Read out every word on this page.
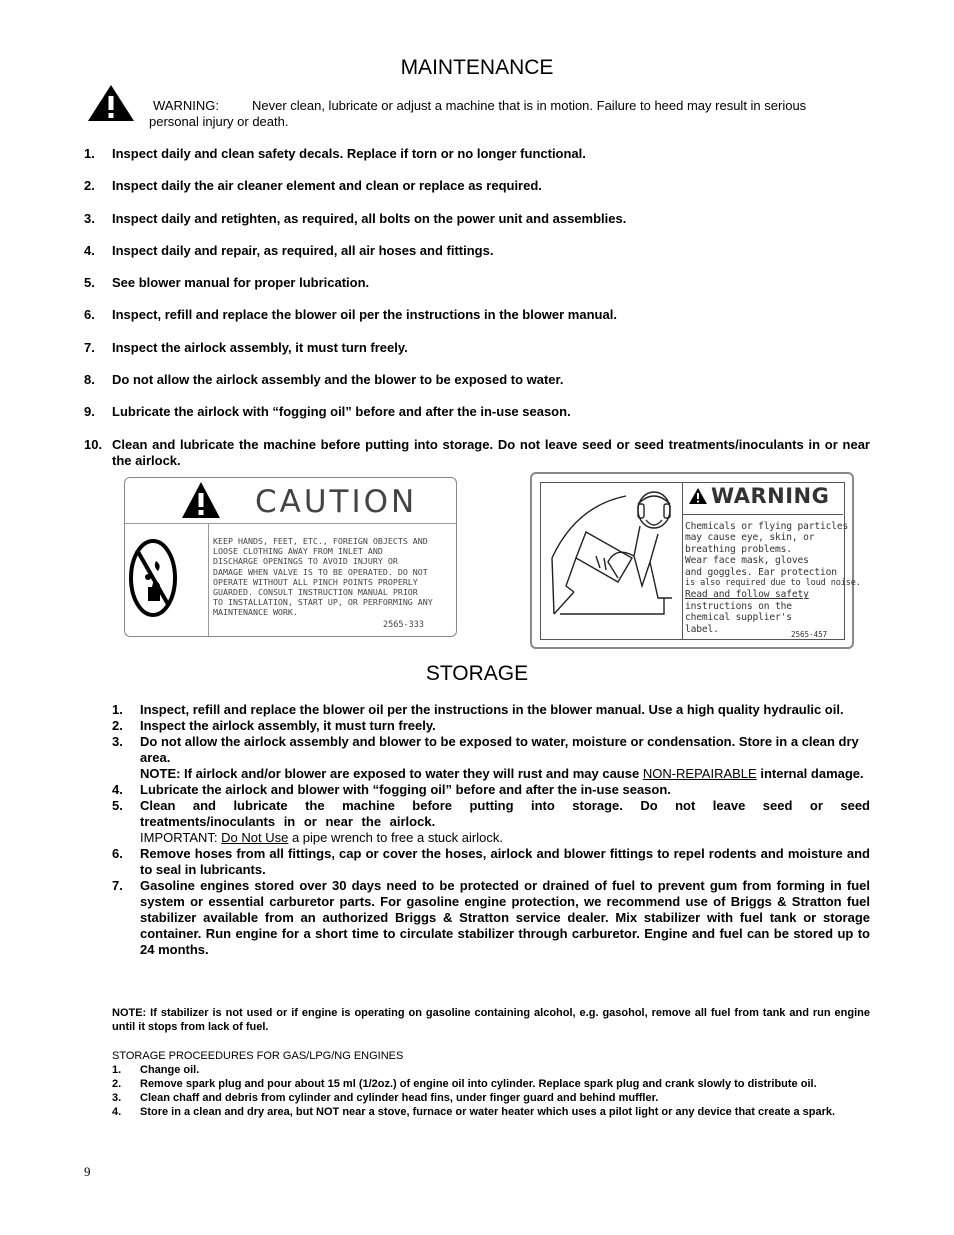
MAINTENANCE
WARNING:	Never clean, lubricate or adjust a machine that is in motion. Failure to heed may result in serious
personal injury or death.
1. Inspect daily and clean safety decals. Replace if torn or no longer functional.
2. Inspect daily the air cleaner element and clean or replace as required.
3. Inspect daily and retighten, as required, all bolts on the power unit and assemblies.
4. Inspect daily and repair, as required, all air hoses and fittings.
5. See blower manual for proper lubrication.
6. Inspect, refill and replace the blower oil per the instructions in the blower manual.
7. Inspect the airlock assembly, it must turn freely.
8. Do not allow the airlock assembly and the blower to be exposed to water.
9. Lubricate the airlock with “fogging oil” before and after the in-use season.
10. Clean and lubricate the machine before putting into storage. Do not leave seed or seed treatments/inoculants in or near the airlock.
CAUTION
KEEP HANDS, FEET, ETC., FOREIGN OBJECTS AND
LOOSE CLOTHING AWAY FROM INLET AND
DISCHARGE OPENINGS TO AVOID INJURY OR
DAMAGE WHEN VALVE IS TO BE OPERATED. DO NOT
OPERATE WITHOUT ALL PINCH POINTS PROPERLY
GUARDED. CONSULT INSTRUCTION MANUAL PRIOR
TO INSTALLATION, START UP, OR PERFORMING ANY
MAINTENANCE WORK.
2565-333
WARNING
Chemicals or flying particles
may cause eye, skin, or
breathing problems.
Wear face mask, gloves
and goggles. Ear protection
is also required due to loud noise.
Read and follow safety
instructions on the
chemical supplier's
label.	2565-457
STORAGE
1. Inspect, refill and replace the blower oil per the instructions in the blower manual. Use a high quality hydraulic oil.
2. Inspect the airlock assembly, it must turn freely.
3. Do not allow the airlock assembly and blower to be exposed to water, moisture or condensation. Store in a clean dry area.
NOTE: If airlock and/or blower are exposed to water they will rust and may cause NON-REPAIRABLE internal damage.
4. Lubricate the airlock and blower with “fogging oil” before and after the in-use season.
5. Clean and lubricate the machine before putting into storage. Do not leave seed or seed treatments/inoculants in or near the airlock.
IMPORTANT: Do Not Use a pipe wrench to free a stuck airlock.
6. Remove hoses from all fittings, cap or cover the hoses, airlock and blower fittings to repel rodents and moisture and to seal in lubricants.
7. Gasoline engines stored over 30 days need to be protected or drained of fuel to prevent gum from forming in fuel system or essential carburetor parts. For gasoline engine protection, we recommend use of Briggs & Stratton fuel stabilizer available from an authorized Briggs & Stratton service dealer. Mix stabilizer with fuel tank or storage container. Run engine for a short time to circulate stabilizer through carburetor. Engine and fuel can be stored up to 24 months.
NOTE: If stabilizer is not used or if engine is operating on gasoline containing alcohol, e.g. gasohol, remove all fuel from tank and run engine until it stops from lack of fuel.
STORAGE PROCEEDURES FOR GAS/LPG/NG ENGINES
1. Change oil.
2. Remove spark plug and pour about 15 ml (1/2oz.) of engine oil into cylinder. Replace spark plug and crank slowly to distribute oil.
3. Clean chaff and debris from cylinder and cylinder head fins, under finger guard and behind muffler.
4. Store in a clean and dry area, but NOT near a stove, furnace or water heater which uses a pilot light or any device that create a spark.
9
